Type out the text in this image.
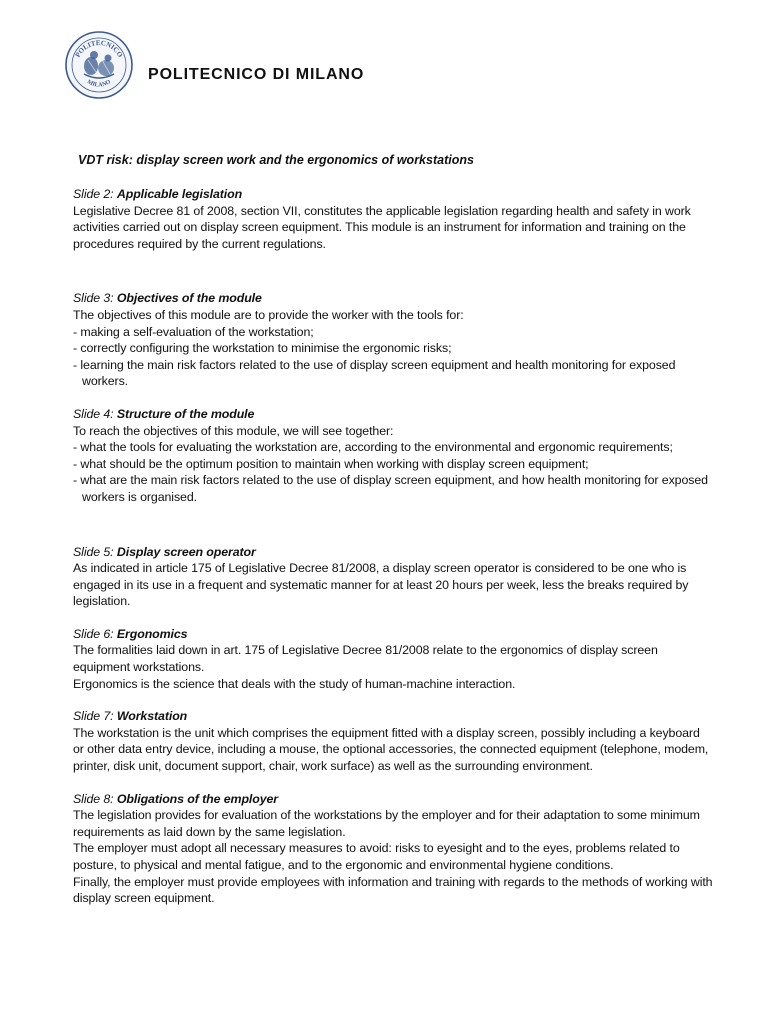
POLITECNICO
MILANO POLITECNICO DI MILANO
VDT risk: display screen work and the ergonomics of workstations
Slide 2: Applicable legislation
Legislative Decree 81 of 2008, section VII, constitutes the applicable legislation regarding health and safety in work activities carried out on display screen equipment. This module is an instrument for information and training on the procedures required by the current regulations.
Slide 3: Objectives of the module
The objectives of this module are to provide the worker with the tools for:
- making a self-evaluation of the workstation;
- correctly configuring the workstation to minimise the ergonomic risks;
- learning the main risk factors related to the use of display screen equipment and health monitoring for exposed workers.
Slide 4: Structure of the module
To reach the objectives of this module, we will see together:
- what the tools for evaluating the workstation are, according to the environmental and ergonomic requirements;
- what should be the optimum position to maintain when working with display screen equipment;
- what are the main risk factors related to the use of display screen equipment, and how health monitoring for exposed workers is organised.
Slide 5: Display screen operator
As indicated in article 175 of Legislative Decree 81/2008, a display screen operator is considered to be one who is engaged in its use in a frequent and systematic manner for at least 20 hours per week, less the breaks required by legislation.
Slide 6: Ergonomics
The formalities laid down in art. 175 of Legislative Decree 81/2008 relate to the ergonomics of display screen equipment workstations.
Ergonomics is the science that deals with the study of human-machine interaction.
Slide 7: Workstation
The workstation is the unit which comprises the equipment fitted with a display screen, possibly including a keyboard or other data entry device, including a mouse, the optional accessories, the connected equipment (telephone, modem, printer, disk unit, document support, chair, work surface) as well as the surrounding environment.
Slide 8: Obligations of the employer
The legislation provides for evaluation of the workstations by the employer and for their adaptation to some minimum requirements as laid down by the same legislation.
The employer must adopt all necessary measures to avoid: risks to eyesight and to the eyes, problems related to posture, to physical and mental fatigue, and to the ergonomic and environmental hygiene conditions.
Finally, the employer must provide employees with information and training with regards to the methods of working with display screen equipment.
